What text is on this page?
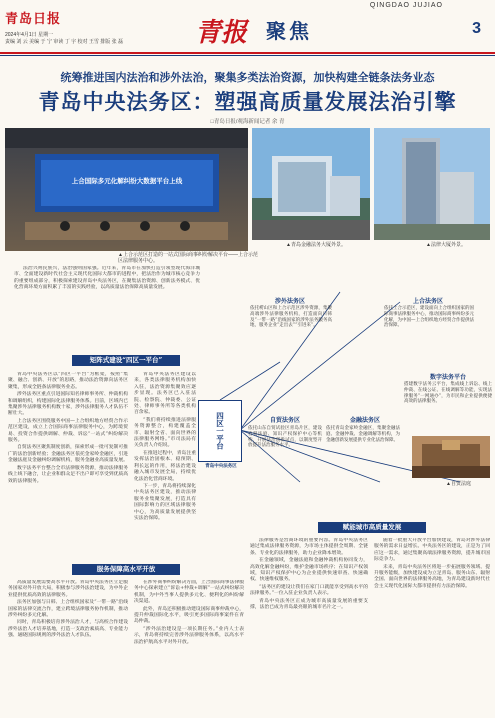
QINGDAO JUJIAO
青岛日报	青报 聚焦	3
2024年4月1日 星期一
责编 刘 云 美编 于 宁 审读 丁 宇 校对 王雪 排版 张 磊
统筹推进国内法治和涉外法治，聚集多类法治资源，加快构建全链条法务业态
青岛中央法务区：塑强高质量发展法治引擎
□青岛日报/观海新闻记者 余 青
上合国际多元化解纠纷大数据平台上线
▲上合示范区打造的一站式国际商事纠纷解决平台——上合示范区法律服务中心。
▲青岛金融法务大厦外景。	▲法律大厦外景。

法治兴则民族兴，法治强则国家强。近年来，青岛市在加快打造引领型现代海洋城市、全面建设新时代社会主义现代化国际大都市的进程中，把法治作为城市核心竞争力的重要组成部分，积极探索建设青岛中央法务区，在聚集法治资源、创新法务模式、优化营商环境方面积累了丰富的实践经验，以高质量法治保障高质量发展。

矩阵式建设“四区一平台”

青岛中央法务区以“四区一平台”为框架，按照“集聚、融合、创新、开放”的思路，推动法治资源向法务区聚集，形成全链条法律服务业态。

涉外法务区重点引进国际知名律师事务所、仲裁机构和调解组织，构建国际化法律服务体系。目前，区域内已集聚涉外法律服务机构数十家，涉外法律服务人才队伍不断壮大。

上合法务区围绕服务中国—上合组织地方经贸合作示范区建设，成立上合国际商事法律服务中心，为跨境贸易、投资合作提供调解、仲裁、诉讼“一站式”纠纷解决服务。

自贸法务区聚焦制度创新，探索形成一批可复制可推广的法治创新经验；金融法务区依托金家岭金融区，引进金融法庭及金融纠纷调解机构，服务金融业高质量发展。

数字法务平台整合全市法律服务资源，推动法律服务线上线下融合，让企业和群众足不出户即可享受到优质高效的法律服务。

青岛中央法务区建设以来，各类法律服务机构加快入驻，法治资源集聚效应逐步显现。法务区已入驻法院、检察院、仲裁委、公证处、律师事务所等各类机构百余家。

“我们将持续推进法律服务资源整合，构建覆盖全市、辐射全省、面向世界的法律服务网络。”市司法局有关负责人介绍说。

在推进过程中，青岛注重发挥法治固根本、稳预期、利长远的作用，将法治建设融入城市发展全局，持续优化法治化营商环境。

下一步，青岛将持续深化中央法务区建设，推动法律服务业集聚发展，打造具有国际影响力的区域法律服务中心，为高质量发展提供坚实法治保障。

涉外法务区
依托崂山区和上合示范区涉外资源，集聚高端涉外法律服务机构，打造面向日韩及“一带一路”沿线国家的涉外法务服务高地，服务企业“走出去”“引进来”。
上合法务区
依托上合示范区，建设面向上合组织国家的国际商事法律服务中心，推动国际商事纠纷多元化解，为中国—上合组织地方经贸合作提供法治保障。
数字法务平台
搭建数字法务云平台，集成线上诉讼、线上仲裁、在线公证、在线调解等功能，实现法律服务“一网通办”，为市民和企业提供便捷高效的法律服务。
四区一平台
青岛中央法务区
自贸法务区
依托山东自贸试验区青岛片区，建设自贸法庭、知识产权保护中心等机构，开展法治创新试点，以制度型开放提升法治服务水平。
金融法务区
依托青岛金家岭金融区，集聚金融法庭、金融仲裁、金融调解等机构，为金融创新发展提供专业化法治保障。
▲自贸法庭
赋能城市高质量发展

法律服务是营商环境的重要内容。青岛中央法务区通过集成法律服务资源，为市场主体提供全周期、全链条、专业化的法律服务，助力企业降本增效。

在金融领域，金融法庭和金融仲裁机构协同发力，高效化解金融纠纷，维护金融市场秩序；在知识产权领域，知识产权保护中心为企业提供快速审查、快速确权、快速维权服务。

“法务区的建设让我们在家门口就能享受到高水平的法律服务。”一位入驻企业负责人表示。

青岛中央法务区正成为城市高质量发展的重要支撑，法治已成为青岛最亮眼的城市名片之一。

随着一批重大开放平台加快建设，青岛对涉外法律服务的需求日益增长。中央法务区的建设，正是为了回应这一需求，通过集聚高端法律服务资源，提升城市国际竞争力。

未来，青岛中央法务区将进一步拓展服务领域、提升服务能级，加快建设成为立足青岛、服务山东、辐射全国、面向世界的法律服务高地，为青岛建设新时代社会主义现代化国际大都市提供有力法治保障。

服务保障高水平开放

高质量发展需要高水平开放。青岛中央法务区立足服务国家对外开放大局，积极参与涉外法治建设，为中外企业提供优质高效的法律服务。

法务区加强与日韩、上合组织国家及“一带一路”沿线国家的法律交流合作，建立跨境法律服务协作机制，推动涉外纠纷多元化解。

同时，青岛积极培育涉外法治人才，与高校合作建设涉外法治人才培养基地，打造一支政治素质高、专业能力强、通晓国际规则的涉外法治人才队伍。

在涉外商事纠纷解决方面，上合国际商事法律服务中心探索建立“诉讼+仲裁+调解”一站式纠纷解决机制，为中外当事人提供多元化、便利化的纠纷解决渠道。

此外，青岛还积极推动建设国际商事仲裁中心，提升仲裁国际化水平，吸引更多国际商事案件在青岛仲裁。

“涉外法治建设是一项长期任务。”业内人士表示，青岛将持续完善涉外法律服务体系，以高水平法治护航高水平对外开放。
